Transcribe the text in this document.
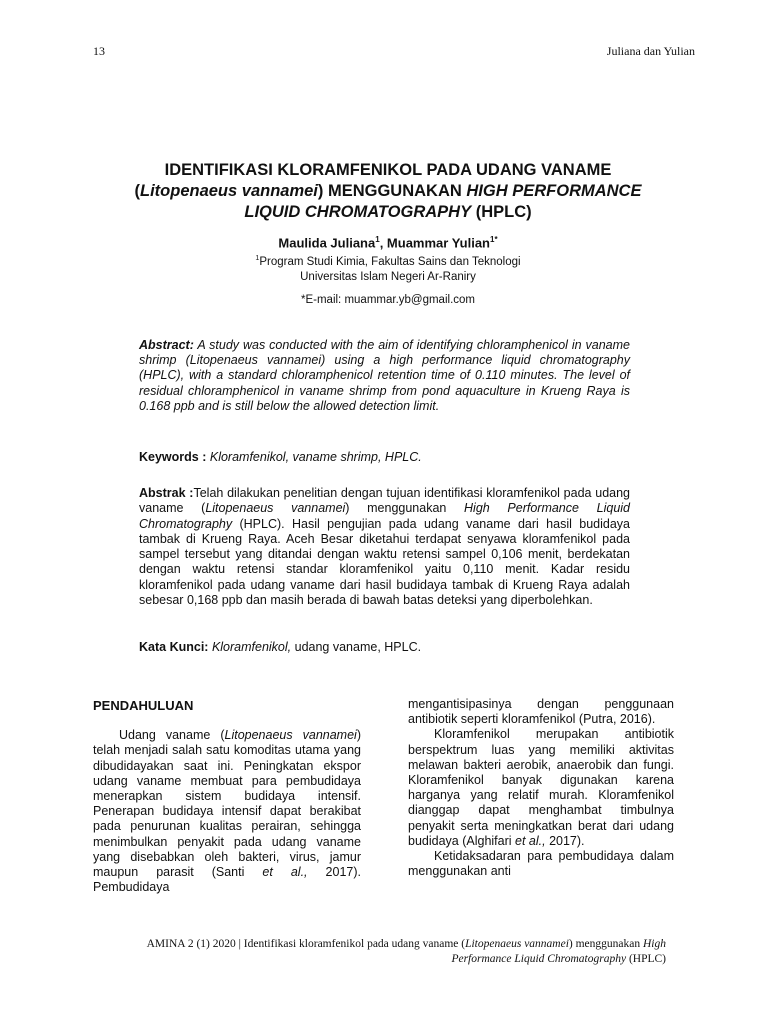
13	Juliana dan Yulian
IDENTIFIKASI KLORAMFENIKOL PADA UDANG VANAME
(Litopenaeus vannamei) MENGGUNAKAN HIGH PERFORMANCE
LIQUID CHROMATOGRAPHY (HPLC)
Maulida Juliana$^1$, Muammar Yulian$^{1*}$
$^1$Program Studi Kimia, Fakultas Sains dan Teknologi
Universitas Islam Negeri Ar-Raniry
*E-mail: muammar.yb@gmail.com
Abstract: A study was conducted with the aim of identifying chloramphenicol in vaname shrimp (Litopenaeus vannamei) using a high performance liquid chromatography (HPLC), with a standard chloramphenicol retention time of 0.110 minutes. The level of residual chloramphenicol in vaname shrimp from pond aquaculture in Krueng Raya is 0.168 ppb and is still below the allowed detection limit.
Keywords : Kloramfenikol, vaname shrimp, HPLC.
Abstrak :Telah dilakukan penelitian dengan tujuan identifikasi kloramfenikol pada udang vaname (Litopenaeus vannamei) menggunakan High Performance Liquid Chromatography (HPLC). Hasil pengujian pada udang vaname dari hasil budidaya tambak di Krueng Raya. Aceh Besar diketahui terdapat senyawa kloramfenikol pada sampel tersebut yang ditandai dengan waktu retensi sampel 0,106 menit, berdekatan dengan waktu retensi standar kloramfenikol yaitu 0,110 menit. Kadar residu kloramfenikol pada udang vaname dari hasil budidaya tambak di Krueng Raya adalah sebesar 0,168 ppb dan masih berada di bawah batas deteksi yang diperbolehkan.
Kata Kunci: Kloramfenikol, udang vaname, HPLC.
PENDAHULUAN

Udang vaname (Litopenaeus vannamei) telah menjadi salah satu komoditas utama yang dibudidayakan saat ini. Peningkatan ekspor udang vaname membuat para pembudidaya menerapkan sistem budidaya intensif. Penerapan budidaya intensif dapat berakibat pada penurunan kualitas perairan, sehingga menimbulkan penyakit pada udang vaname yang disebabkan oleh bakteri, virus, jamur maupun parasit (Santi et al., 2017). Pembudidaya

mengantisipasinya dengan penggunaan antibiotik seperti kloramfenikol (Putra, 2016).

Kloramfenikol merupakan antibiotik berspektrum luas yang memiliki aktivitas melawan bakteri aerobik, anaerobik dan fungi. Kloramfenikol banyak digunakan karena harganya yang relatif murah. Kloramfenikol dianggap dapat menghambat timbulnya penyakit serta meningkatkan berat dari udang budidaya (Alghifari et al., 2017).

Ketidaksadaran para pembudidaya dalam menggunakan anti

AMINA 2 (1) 2020 | Identifikasi kloramfenikol pada udang vaname (Litopenaeus vannamei) menggunakan High
Performance Liquid Chromatography (HPLC)
